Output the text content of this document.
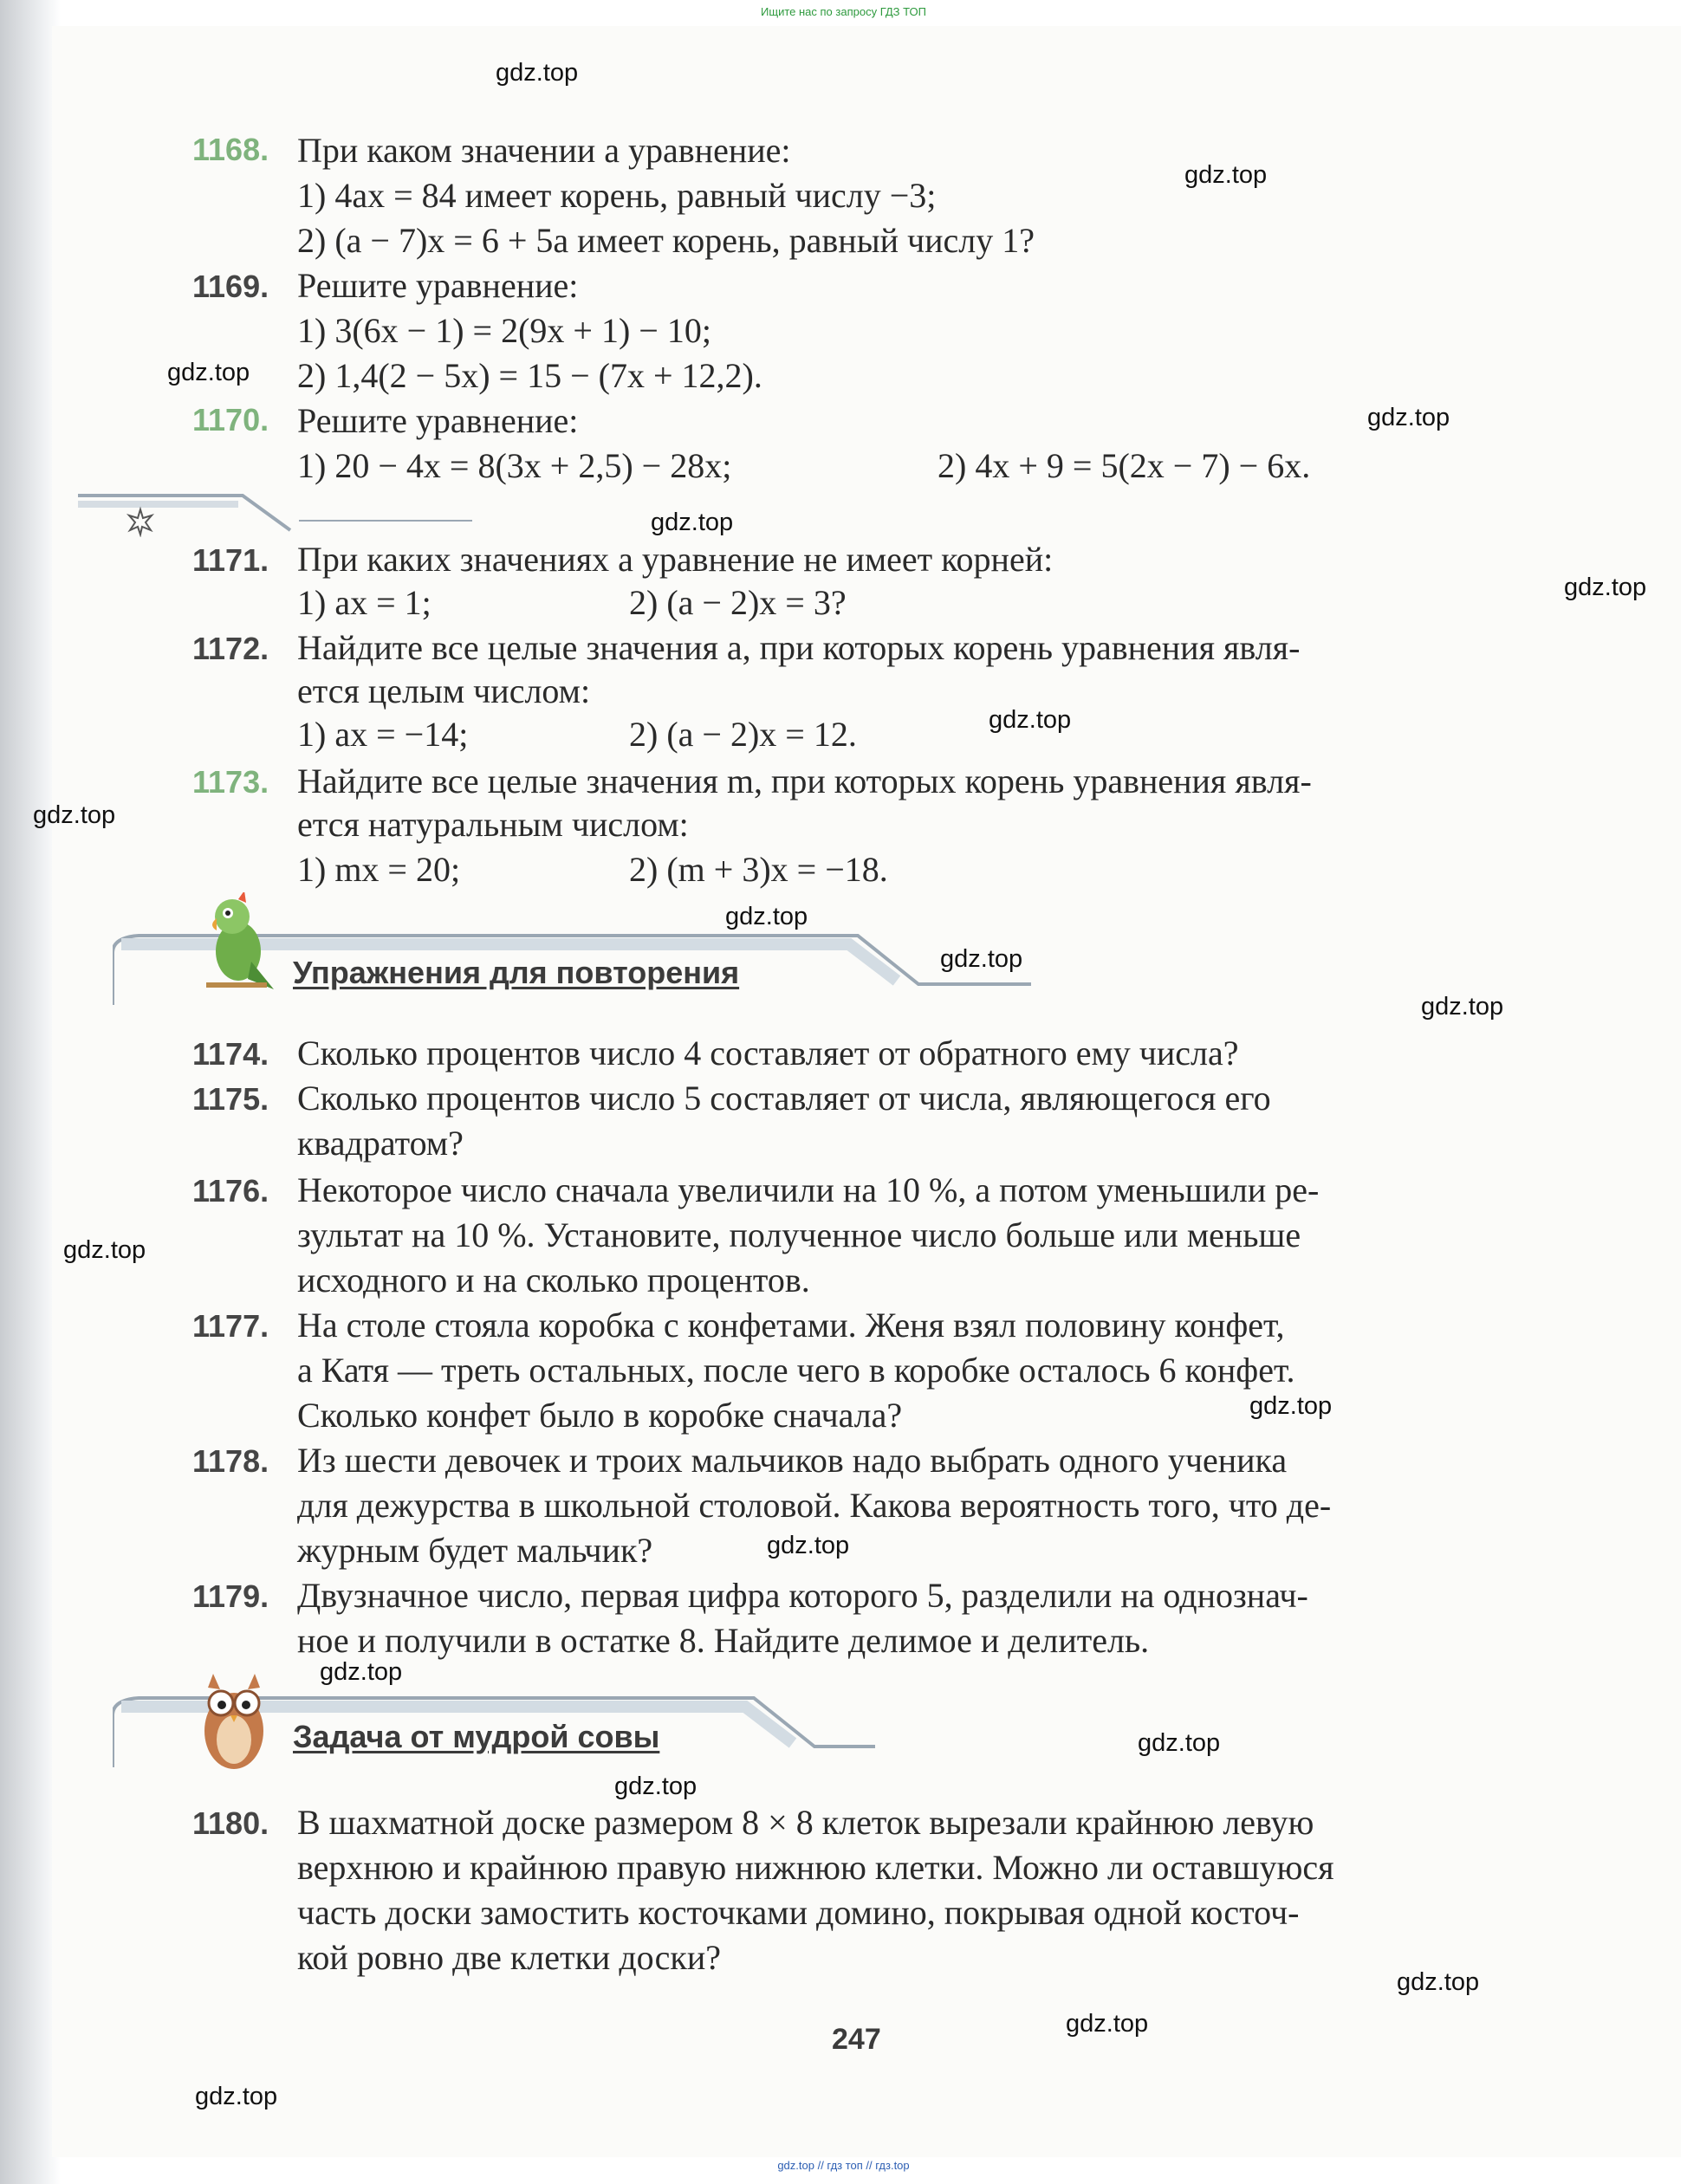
Ищите нас по запросу ГДЗ ТОП
gdz.top
gdz.top
gdz.top
gdz.top
gdz.top
gdz.top
gdz.top
gdz.top
gdz.top
gdz.top
gdz.top
gdz.top
gdz.top
gdz.top
gdz.top
gdz.top
gdz.top
gdz.top
gdz.top
gdz.top
1168. При каком значении a уравнение:
1) 4ax = 84 имеет корень, равный числу −3;
2) (a − 7)x = 6 + 5a имеет корень, равный числу 1?
1169. Решите уравнение:
1) 3(6x − 1) = 2(9x + 1) − 10;
2) 1,4(2 − 5x) = 15 − (7x + 12,2).
1170. Решите уравнение:
1) 20 − 4x = 8(3x + 2,5) − 28x;	2) 4x + 9 = 5(2x − 7) − 6x.
1171. При каких значениях a уравнение не имеет корней:
1) ax = 1;	2) (a − 2)x = 3?
1172. Найдите все целые значения a, при которых корень уравнения явля-
ется целым числом:
1) ax = −14;	2) (a − 2)x = 12.
1173. Найдите все целые значения m, при которых корень уравнения явля-
ется натуральным числом:
1) mx = 20;	2) (m + 3)x = −18.
Упражнения для повторения
1174. Сколько процентов число 4 составляет от обратного ему числа?
1175. Сколько процентов число 5 составляет от числа, являющегося его
квадратом?
1176. Некоторое число сначала увеличили на 10 %, а потом уменьшили ре-
зультат на 10 %. Установите, полученное число больше или меньше
исходного и на сколько процентов.
1177. На столе стояла коробка с конфетами. Женя взял половину конфет,
а Катя — треть остальных, после чего в коробке осталось 6 конфет.
Сколько конфет было в коробке сначала?
1178. Из шести девочек и троих мальчиков надо выбрать одного ученика
для дежурства в школьной столовой. Какова вероятность того, что де-
журным будет мальчик?
1179. Двузначное число, первая цифра которого 5, разделили на однознач-
ное и получили в остатке 8. Найдите делимое и делитель.
Задача от мудрой совы
1180. В шахматной доске размером 8 × 8 клеток вырезали крайнюю левую
верхнюю и крайнюю правую нижнюю клетки. Можно ли оставшуюся
часть доски замостить косточками домино, покрывая одной косточ-
кой ровно две клетки доски?
247
gdz.top // гдз топ // гдз.top
